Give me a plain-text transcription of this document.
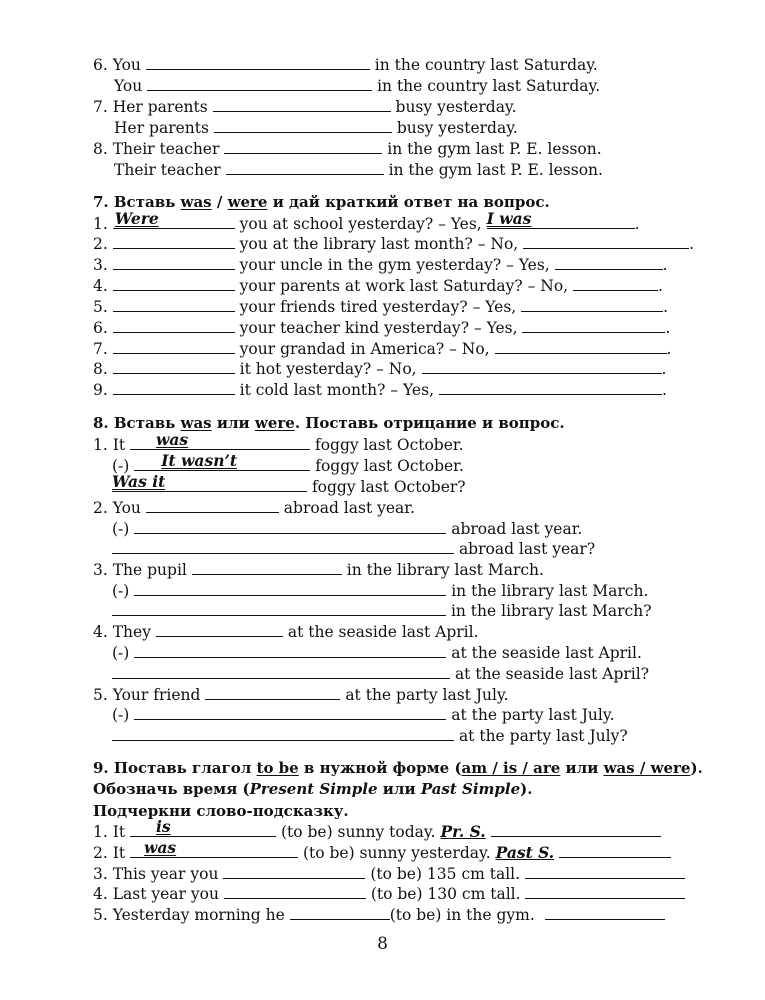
6. You	in the country last Saturday.
You	in the country last Saturday.
7. Her parents	busy yesterday.
Her parents	busy yesterday.
8. Their teacher	in the gym last P. E. lesson.
Their teacher	in the gym last P. E. lesson.
7. Вставь was / were и дай краткий ответ на вопрос.
1. Were	you at school yesterday? – Yes, I was	.
2.	you at the library last month? – No,	.
3.	your uncle in the gym yesterday? – Yes,	.
4.	your parents at work last Saturday? – No,	.
5.	your friends tired yesterday? – Yes,	.
6.	your teacher kind yesterday? – Yes,	.
7.	your grandad in America? – No,	.
8.	it hot yesterday? – No,	.
9.	it cold last month? – Yes,	.
8. Вставь was или were. Поставь отрицание и вопрос.
1. It was	foggy last October.
(-) It wasn’t	foggy last October.
Was it	foggy last October?
2. You	abroad last year.
(-)	abroad last year.
abroad last year?
3. The pupil	in the library last March.
(-)	in the library last March.
in the library last March?
4. They	at the seaside last April.
(-)	at the seaside last April.
at the seaside last April?
5. Your friend	at the party last July.
(-)	at the party last July.
at the party last July?
9. Поставь глагол to be в нужной форме (am / is / are или was / were).
Обозначь время (Present Simple или Past Simple).
Подчеркни слово-подсказку.
1. It is	(to be) sunny today. Pr. S.
2. It was	(to be) sunny yesterday. Past S.
3. This year you	(to be) 135 cm tall.
4. Last year you	(to be) 130 cm tall.
5. Yesterday morning he	(to be) in the gym.
8
